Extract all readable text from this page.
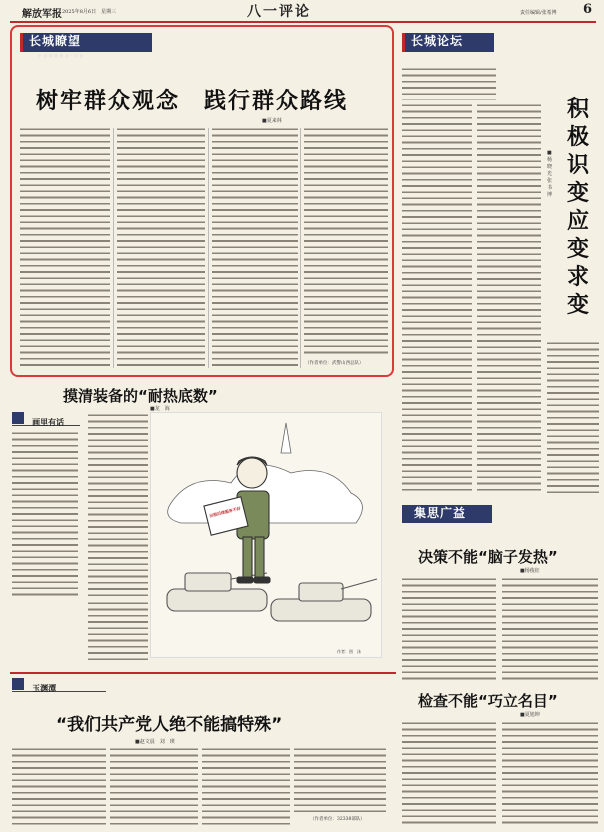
解放军报 2025年8月6日　星期三	八一评论	责任编辑/张希博 6
长城瞭望
中国国防报社·评论
树牢群众观念　践行群众路线
■夏来林
（作者单位：武警山西总队）
长城论坛
积极识变应变求变
■杨晓光　张书博
摸清装备的“耐热底数”
■龙　海
画里有话
出租后续服务不好
作者：图　沫
集思广益
决策不能“脑子发热”
■杨俊征
检查不能“巧立名目”
■夏旭坤
玉渊潭
“我们共产党人绝不能搞特殊”
■赵文晨　刘　瑛
（作者单位：32338部队）
